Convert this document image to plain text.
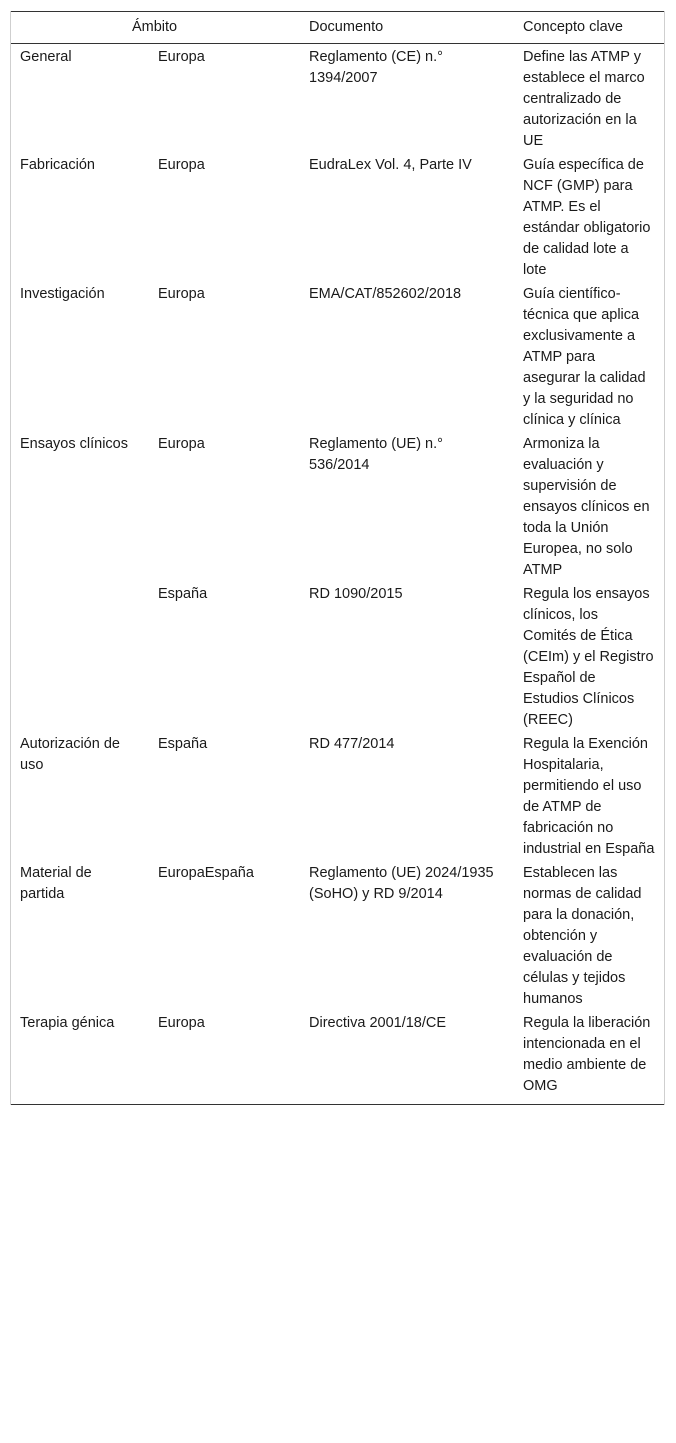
Ámbito		Documento	Concepto clave
General	Europa	Reglamento (CE) n.° 1394/2007	Define las ATMP y establece el marco centralizado de autorización en la UE
Fabricación	Europa	EudraLex Vol. 4, Parte IV	Guía específica de NCF (GMP) para ATMP. Es el estándar obligatorio de calidad lote a lote
Investigación	Europa	EMA/CAT/852602/2018	Guía científico-técnica que aplica exclusivamente a ATMP para asegurar la calidad y la seguridad no clínica y clínica
Ensayos clínicos	Europa	Reglamento (UE) n.° 536/2014	Armoniza la evaluación y supervisión de ensayos clínicos en toda la Unión Europea, no solo ATMP
	España	RD 1090/2015	Regula los ensayos clínicos, los Comités de Ética (CEIm) y el Registro Español de Estudios Clínicos (REEC)
Autorización de uso	España	RD 477/2014	Regula la Exención Hospitalaria, permitiendo el uso de ATMP de fabricación no industrial en España
Material de partida	EuropaEspaña	Reglamento (UE) 2024/1935 (SoHO) y RD 9/2014	Establecen las normas de calidad para la donación, obtención y evaluación de células y tejidos humanos
Terapia génica	Europa	Directiva 2001/18/CE	Regula la liberación intencionada en el medio ambiente de OMG
